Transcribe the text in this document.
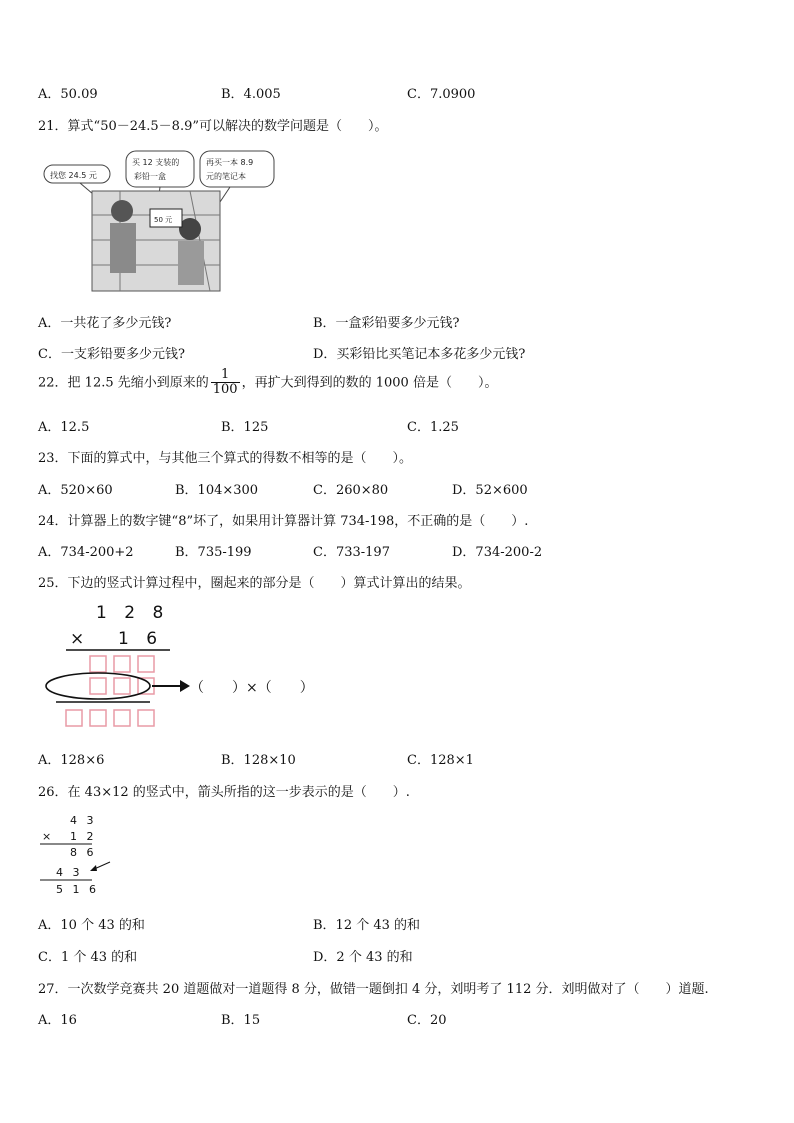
A．50.09	B．4.005	C．7.0900
21．算式“50－24.5－8.9”可以解决的数学问题是（　　）。
找您 24.5 元
买 12 支装的
彩铅一盒
再买一本 8.9
元的笔记本
50 元
A．一共花了多少元钱?	B．一盒彩铅要多少元钱?
C．一支彩铅要多少元钱?	D．买彩铅比买笔记本多花多少元钱?
22．把 12.5 先缩小到原来的 $\frac{1}{100}$ ，再扩大到得到的数的 1000 倍是（　　）。
A．12.5	B．125	C．1.25
23．下面的算式中，与其他三个算式的得数不相等的是（　　）。
A．520×60	B．104×300	C．260×80	D．52×600
24．计算器上的数字键“8”坏了，如果用计算器计算 734-198，不正确的是（　　）.
A．734-200+2	B．735-199	C．733-197	D．734-200-2
25．下边的竖式计算过程中，圈起来的部分是（　　）算式计算出的结果。
1 2 8
× 1 6
（　　）×（　　）
A．128×6	B．128×10	C．128×1
26．在 43×12 的竖式中，箭头所指的这一步表示的是（　　）.
4 3
× 1 2
8 6
4 3
5 1 6
A．10 个 43 的和	B．12 个 43 的和
C．1 个 43 的和	D．2 个 43 的和
27．一次数学竞赛共 20 道题做对一道题得 8 分，做错一题倒扣 4 分，刘明考了 112 分．刘明做对了（　　）道题.
A．16	B．15	C．20
